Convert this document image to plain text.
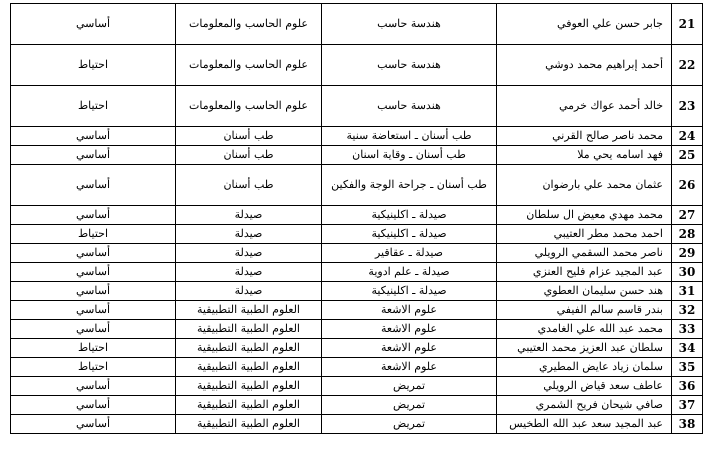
21	جابر حسن علي العوفي	هندسة حاسب	علوم الحاسب والمعلومات	أساسي
22	أحمد إبراهيم محمد دوشي	هندسة حاسب	علوم الحاسب والمعلومات	احتياط
23	خالد أحمد عواك خرمي	هندسة حاسب	علوم الحاسب والمعلومات	احتياط
24	محمد ناصر صالح القرني	طب أسنان ـ استعاضة سنية	طب أسنان	أساسي
25	فهد اسامه يحي ملا	طب أسنان ـ وقاية اسنان	طب أسنان	أساسي
26	عثمان محمد علي بارضوان	طب أسنان ـ جراحة الوجة والفكين	طب أسنان	أساسي
27	محمد مهدي معيض ال سلطان	صيدلة ـ اكلينيكية	صيدلة	أساسي
28	احمد محمد مطر العتيبي	صيدلة ـ اكلينيكية	صيدلة	احتياط
29	ناصر محمد السقمي الرويلي	صيدلة ـ عقاقير	صيدلة	أساسي
30	عبد المجيد عزام فليح العنزي	صيدلة ـ علم ادوية	صيدلة	أساسي
31	هند حسن سليمان العطوي	صيدلة ـ اكلينيكية	صيدلة	أساسي
32	بندر قاسم سالم الفيفي	علوم الاشعة	العلوم الطبية التطبيقية	أساسي
33	محمد عبد الله علي الغامدي	علوم الاشعة	العلوم الطبية التطبيقية	أساسي
34	سلطان عبد العزيز محمد العتيبي	علوم الاشعة	العلوم الطبية التطبيقية	احتياط
35	سلمان زياد عايض المطيري	علوم الاشعة	العلوم الطبية التطبيقية	احتياط
36	عاطف سعد قياض الرويلي	تمريض	العلوم الطبية التطبيقية	أساسي
37	صافي شيحان فريح الشمري	تمريض	العلوم الطبية التطبيقية	أساسي
38	عبد المجيد سعد عبد الله الطخيس	تمريض	العلوم الطبية التطبيقية	أساسي
